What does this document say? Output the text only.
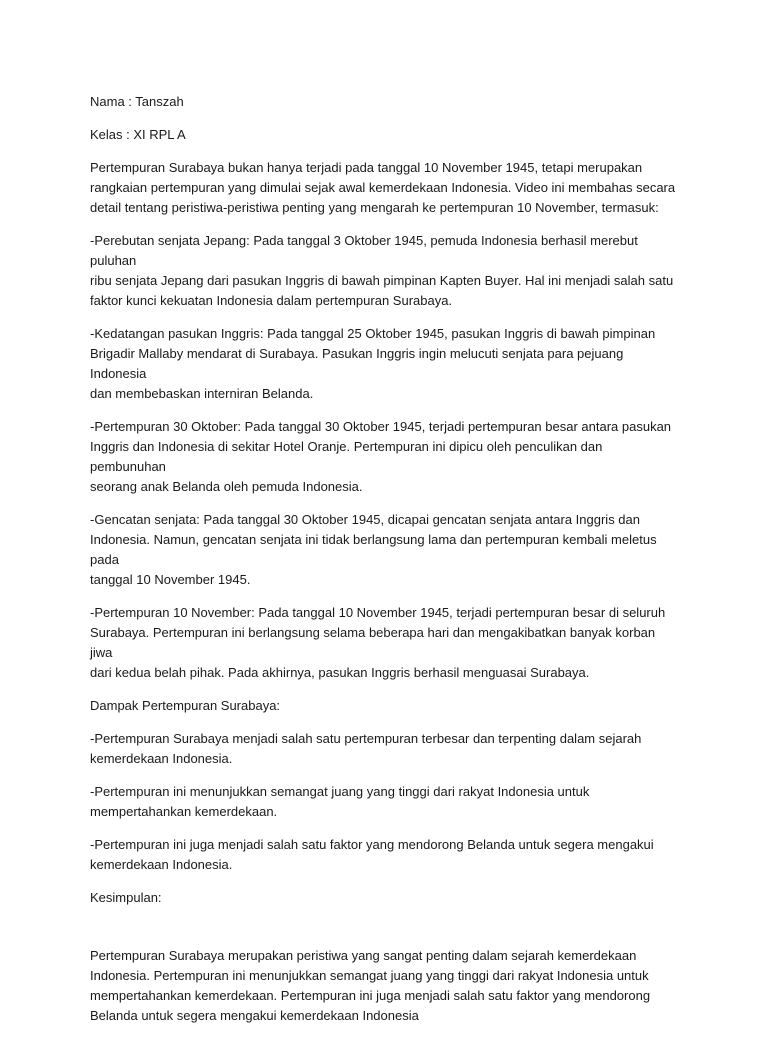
Nama : Tanszah

Kelas : XI RPL A

Pertempuran Surabaya bukan hanya terjadi pada tanggal 10 November 1945, tetapi merupakan
rangkaian pertempuran yang dimulai sejak awal kemerdekaan Indonesia. Video ini membahas secara
detail tentang peristiwa-peristiwa penting yang mengarah ke pertempuran 10 November, termasuk:

-Perebutan senjata Jepang: Pada tanggal 3 Oktober 1945, pemuda Indonesia berhasil merebut puluhan
ribu senjata Jepang dari pasukan Inggris di bawah pimpinan Kapten Buyer. Hal ini menjadi salah satu
faktor kunci kekuatan Indonesia dalam pertempuran Surabaya.

-Kedatangan pasukan Inggris: Pada tanggal 25 Oktober 1945, pasukan Inggris di bawah pimpinan
Brigadir Mallaby mendarat di Surabaya. Pasukan Inggris ingin melucuti senjata para pejuang Indonesia
dan membebaskan interniran Belanda.

-Pertempuran 30 Oktober: Pada tanggal 30 Oktober 1945, terjadi pertempuran besar antara pasukan
Inggris dan Indonesia di sekitar Hotel Oranje. Pertempuran ini dipicu oleh penculikan dan pembunuhan
seorang anak Belanda oleh pemuda Indonesia.

-Gencatan senjata: Pada tanggal 30 Oktober 1945, dicapai gencatan senjata antara Inggris dan
Indonesia. Namun, gencatan senjata ini tidak berlangsung lama dan pertempuran kembali meletus pada
tanggal 10 November 1945.

-Pertempuran 10 November: Pada tanggal 10 November 1945, terjadi pertempuran besar di seluruh
Surabaya. Pertempuran ini berlangsung selama beberapa hari dan mengakibatkan banyak korban jiwa
dari kedua belah pihak. Pada akhirnya, pasukan Inggris berhasil menguasai Surabaya.

Dampak Pertempuran Surabaya:

-Pertempuran Surabaya menjadi salah satu pertempuran terbesar dan terpenting dalam sejarah
kemerdekaan Indonesia.

-Pertempuran ini menunjukkan semangat juang yang tinggi dari rakyat Indonesia untuk
mempertahankan kemerdekaan.

-Pertempuran ini juga menjadi salah satu faktor yang mendorong Belanda untuk segera mengakui
kemerdekaan Indonesia.

Kesimpulan:

Pertempuran Surabaya merupakan peristiwa yang sangat penting dalam sejarah kemerdekaan
Indonesia. Pertempuran ini menunjukkan semangat juang yang tinggi dari rakyat Indonesia untuk
mempertahankan kemerdekaan. Pertempuran ini juga menjadi salah satu faktor yang mendorong
Belanda untuk segera mengakui kemerdekaan Indonesia
